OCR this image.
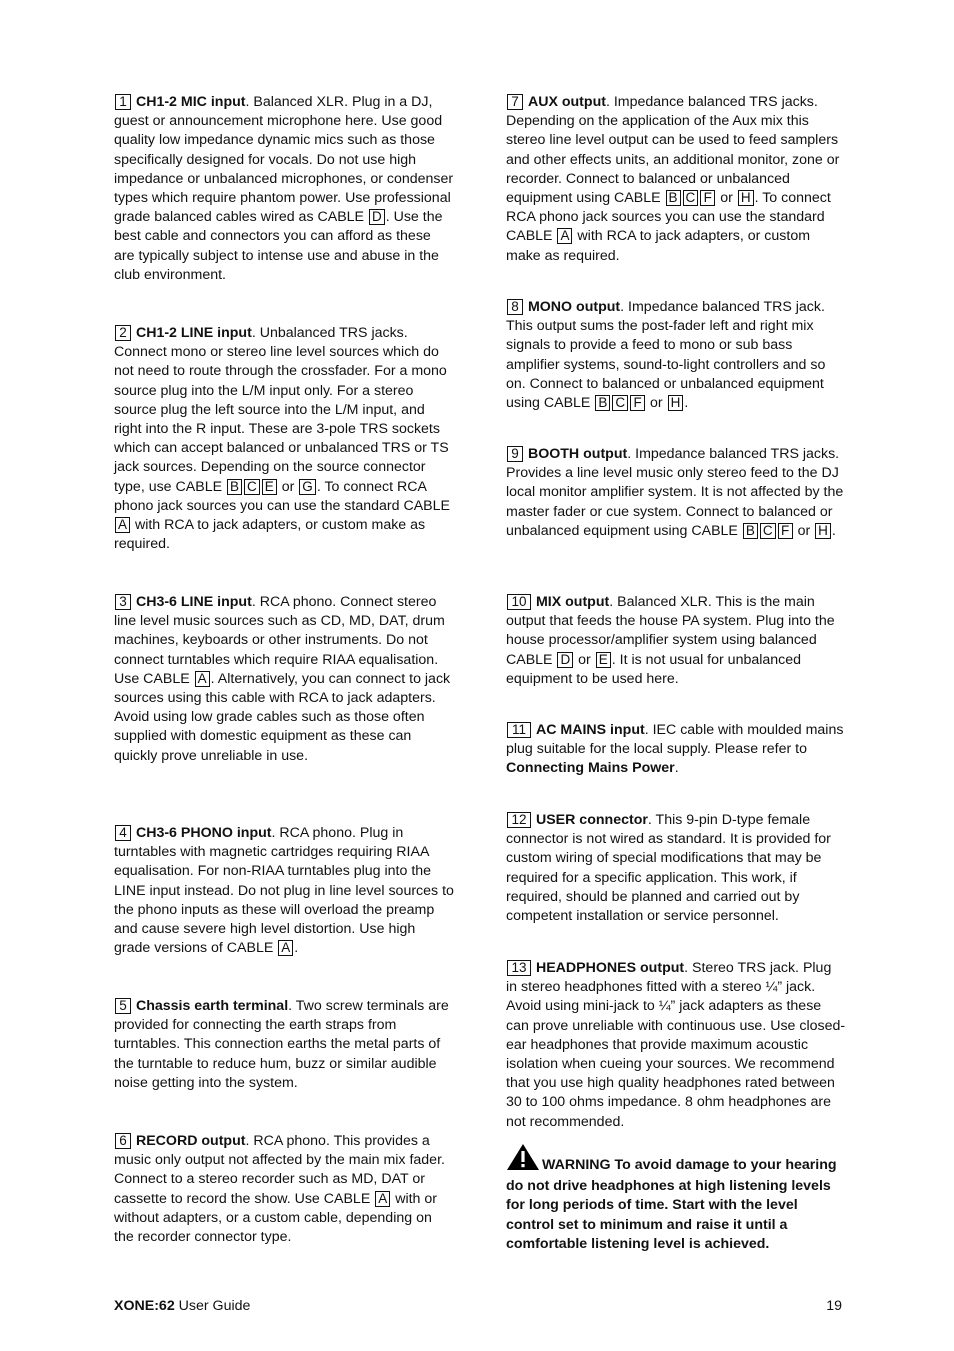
1 CH1-2 MIC input. Balanced XLR. Plug in a DJ, guest or announcement microphone here. Use good quality low impedance dynamic mics such as those specifically designed for vocals. Do not use high impedance or unbalanced microphones, or condenser types which require phantom power. Use professional grade balanced cables wired as CABLE D . Use the best cable and connectors you can afford as these are typically subject to intense use and abuse in the club environment.

2 CH1-2 LINE input. Unbalanced TRS jacks. Connect mono or stereo line level sources which do not need to route through the crossfader. For a mono source plug into the L/M input only. For a stereo source plug the left source into the L/M input, and right into the R input. These are 3-pole TRS sockets which can accept balanced or unbalanced TRS or TS jack sources. Depending on the source connector type, use CABLE B C E or G . To connect RCA phono jack sources you can use the standard CABLE A with RCA to jack adapters, or custom make as required.

3 CH3-6 LINE input. RCA phono. Connect stereo line level music sources such as CD, MD, DAT, drum machines, keyboards or other instruments. Do not connect turntables which require RIAA equalisation. Use CABLE A . Alternatively, you can connect to jack sources using this cable with RCA to jack adapters. Avoid using low grade cables such as those often supplied with domestic equipment as these can quickly prove unreliable in use.

4 CH3-6 PHONO input. RCA phono. Plug in turntables with magnetic cartridges requiring RIAA equalisation. For non-RIAA turntables plug into the LINE input instead. Do not plug in line level sources to the phono inputs as these will overload the preamp and cause severe high level distortion. Use high grade versions of CABLE A .

5 Chassis earth terminal. Two screw terminals are provided for connecting the earth straps from turntables. This connection earths the metal parts of the turntable to reduce hum, buzz or similar audible noise getting into the system.

6 RECORD output. RCA phono. This provides a music only output not affected by the main mix fader. Connect to a stereo recorder such as MD, DAT or cassette to record the show. Use CABLE A with or without adapters, or a custom cable, depending on the recorder connector type.

7 AUX output. Impedance balanced TRS jacks. Depending on the application of the Aux mix this stereo line level output can be used to feed samplers and other effects units, an additional monitor, zone or recorder. Connect to balanced or unbalanced equipment using CABLE B C F or H . To connect RCA phono jack sources you can use the standard CABLE A with RCA to jack adapters, or custom make as required.

8 MONO output. Impedance balanced TRS jack. This output sums the post-fader left and right mix signals to provide a feed to mono or sub bass amplifier systems, sound-to-light controllers and so on. Connect to balanced or unbalanced equipment using CABLE B C F or H .

9 BOOTH output. Impedance balanced TRS jacks. Provides a line level music only stereo feed to the DJ local monitor amplifier system. It is not affected by the master fader or cue system. Connect to balanced or unbalanced equipment using CABLE B C F or H .

10 MIX output. Balanced XLR. This is the main output that feeds the house PA system. Plug into the house processor/amplifier system using balanced CABLE D or E . It is not usual for unbalanced equipment to be used here.

11 AC MAINS input. IEC cable with moulded mains plug suitable for the local supply. Please refer to Connecting Mains Power.

12 USER connector. This 9-pin D-type female connector is not wired as standard. It is provided for custom wiring of special modifications that may be required for a specific application. This work, if required, should be planned and carried out by competent installation or service personnel.

13 HEADPHONES output. Stereo TRS jack. Plug in stereo headphones fitted with a stereo ¼” jack. Avoid using mini-jack to ¼” jack adapters as these can prove unreliable with continuous use. Use closed-ear headphones that provide maximum acoustic isolation when cueing your sources. We recommend that you use high quality headphones rated between 30 to 100 ohms impedance. 8 ohm headphones are not recommended.

WARNING To avoid damage to your hearing do not drive headphones at high listening levels for long periods of time. Start with the level control set to minimum and raise it until a comfortable listening level is achieved.

XONE:62 User Guide	19
